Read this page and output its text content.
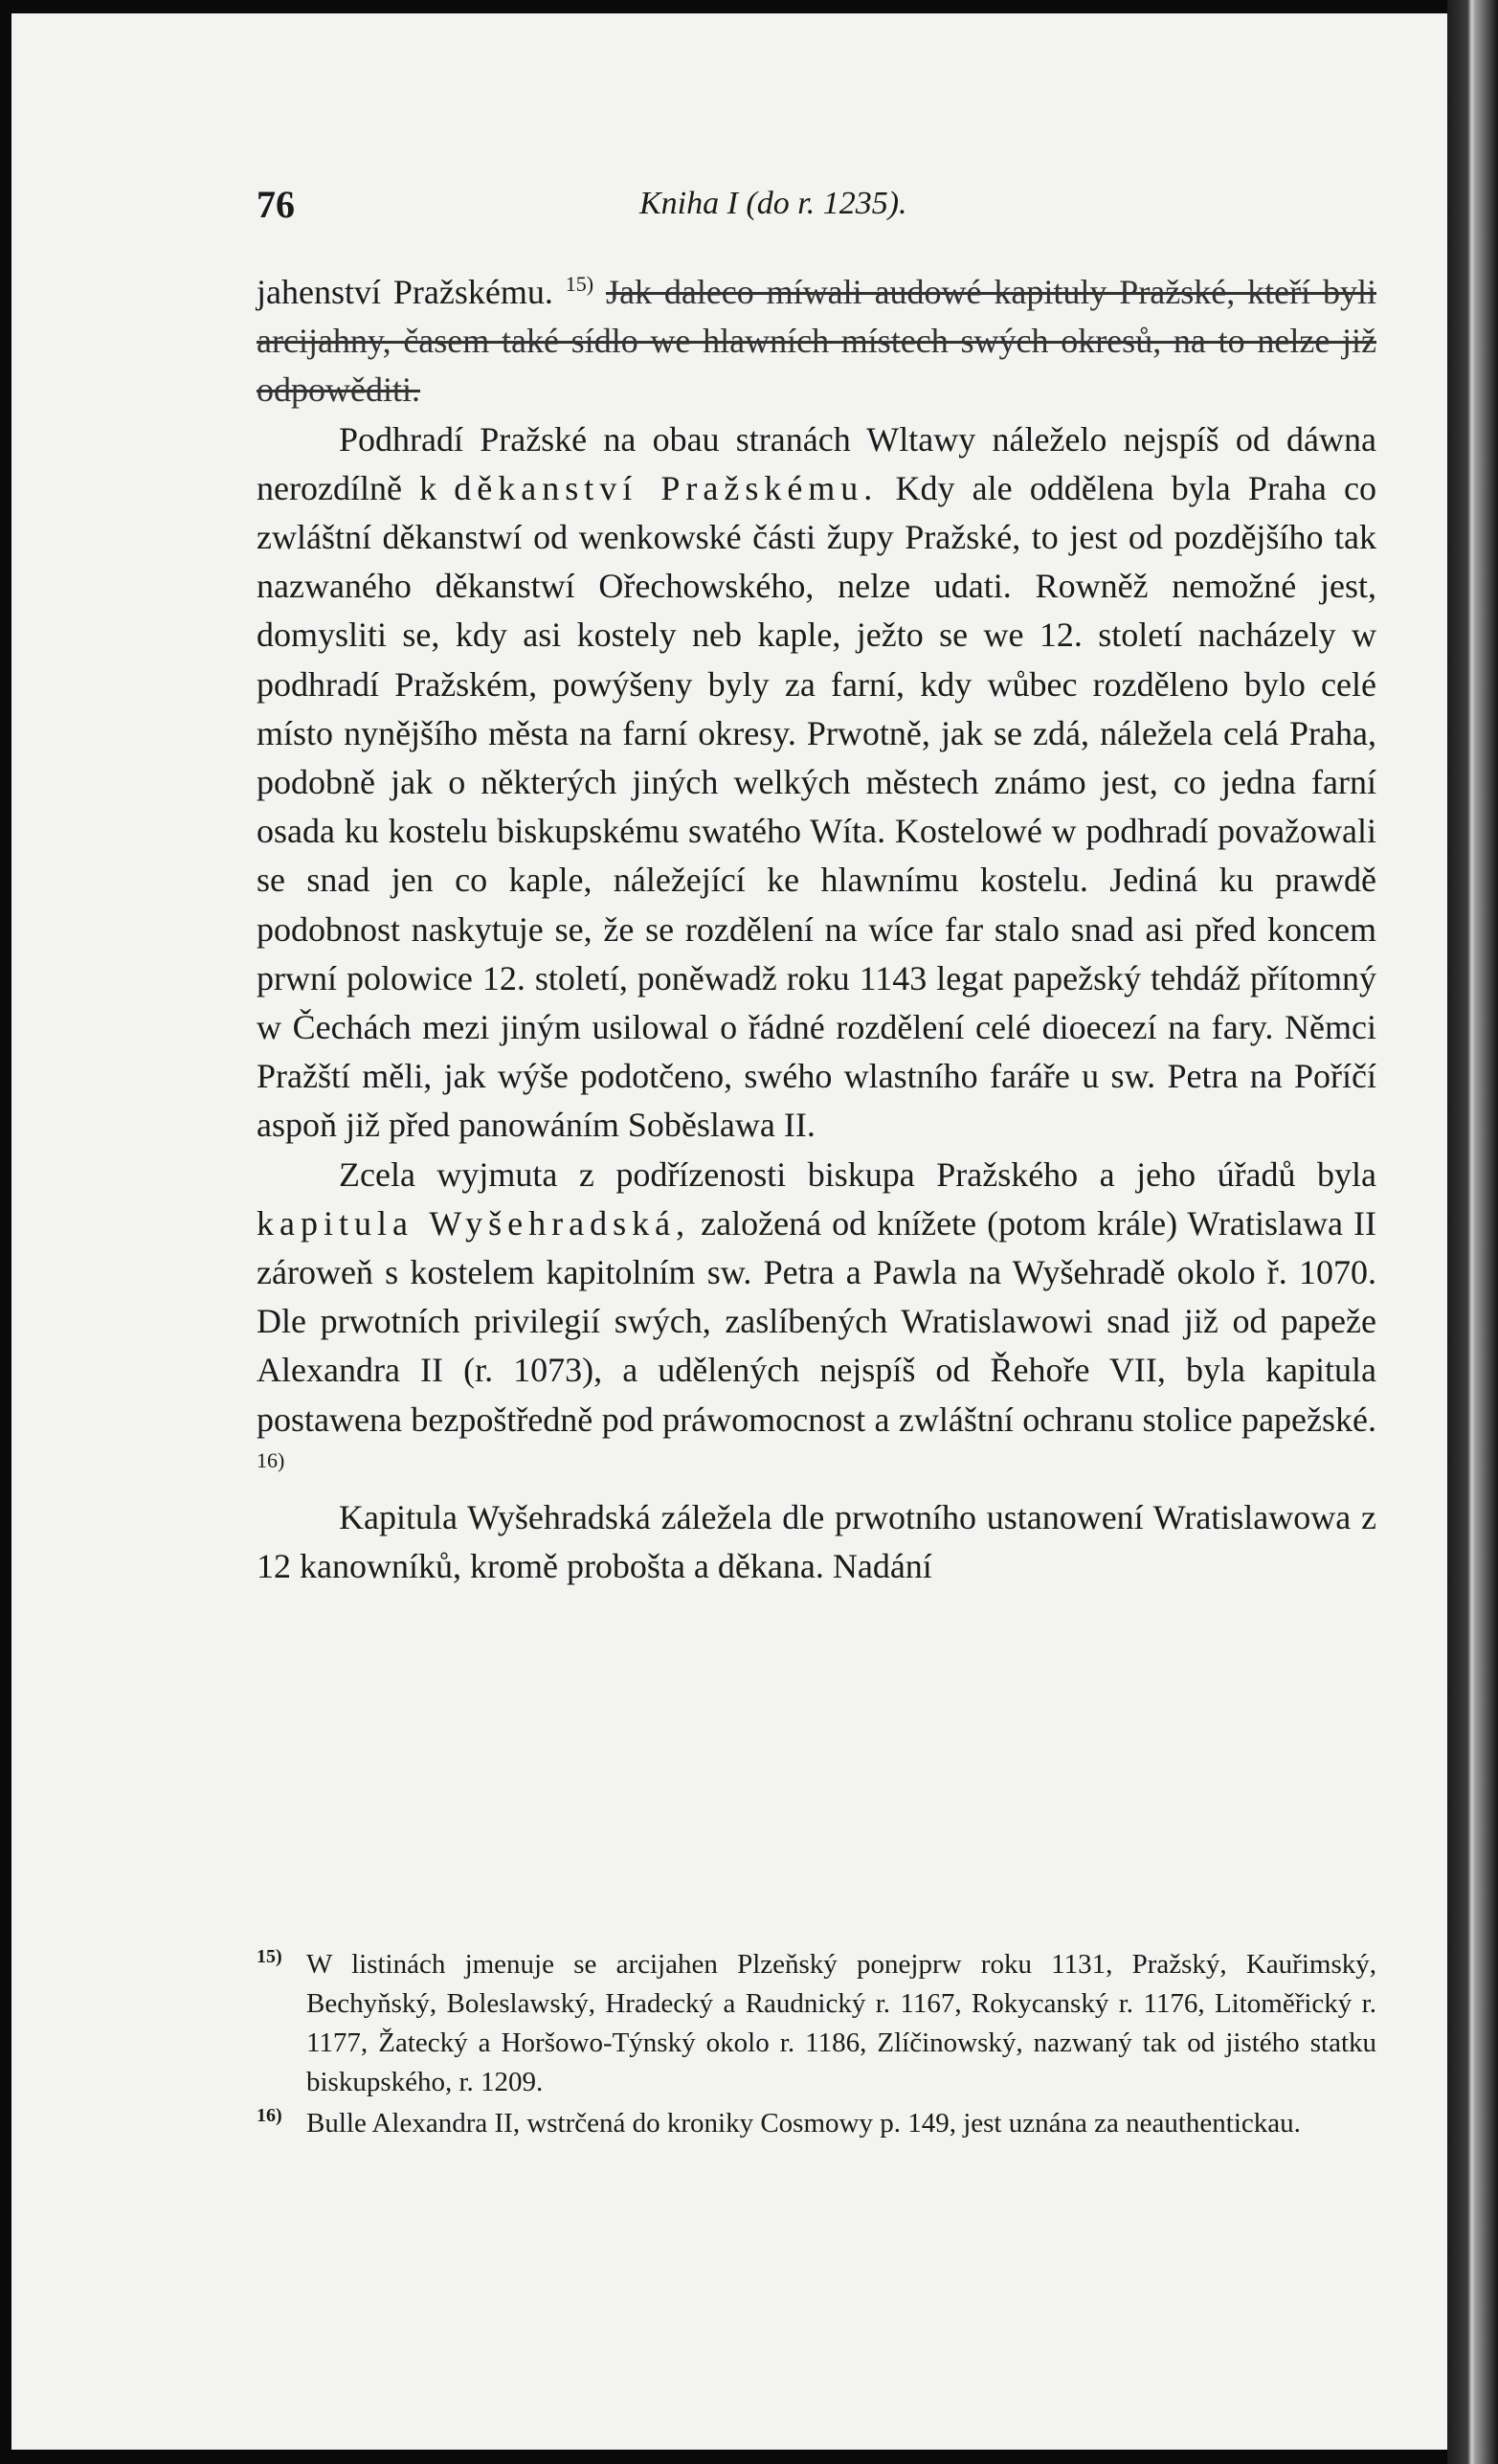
76	Kniha I (do r. 1235).

jahenství Pražskému. $^{15)}$ Jak daleco míwali audowé kapituly Pražské, kteří byli arcijahny, časem také sídlo we hlawních místech swých okresů, na to nelze již odpowěditi.

Podhradí Pražské na obau stranách Wltawy náleželo nejspíš od dáwna nerozdílně k děkanství Pražskému. Kdy ale oddělena byla Praha co zwláštní děkanstwí od wenkowské části župy Pražské, to jest od pozdějšího tak nazwaného děkanstwí Ořechowského, nelze udati. Rowněž nemožné jest, domysliti se, kdy asi kostely neb kaple, ježto se we 12. století nacházely w podhradí Pražském, powýšeny byly za farní, kdy wůbec rozděleno bylo celé místo nynějšího města na farní okresy. Prwotně, jak se zdá, náležela celá Praha, podobně jak o některých jiných welkých městech známo jest, co jedna farní osada ku kostelu biskupskému swatého Wíta. Kostelowé w podhradí považowali se snad jen co kaple, náležející ke hlawnímu kostelu. Jediná ku prawdě podobnost naskytuje se, že se rozdělení na wíce far stalo snad asi před koncem prwní polowice 12. století, poněwadž roku 1143 legat papežský tehdáž přítomný w Čechách mezi jiným usilowal o řádné rozdělení celé dioecezí na fary. Němci Pražští měli, jak wýše podotčeno, swého wlastního faráře u sw. Petra na Poříčí aspoň již před panowáním Soběslawa II.

Zcela wyjmuta z podřízenosti biskupa Pražského a jeho úřadů byla kapitula Wyšehradská, založená od knížete (potom krále) Wratislawa II zároweň s kostelem kapitolním sw. Petra a Pawla na Wyšehradě okolo ř. 1070. Dle prwotních privilegií swých, zaslíbených Wratislawowi snad již od papeže Alexandra II (r. 1073), a udělených nejspíš od Řehoře VII, byla kapitula postawena bezpoštředně pod práwomocnost a zwláštní ochranu stolice papežské. $^{16)}$

Kapitula Wyšehradská záležela dle prwotního ustanowení Wratislawowa z 12 kanowníků, kromě probošta a děkana. Nadání

15) W listinách jmenuje se arcijahen Plzeňský ponejprw roku 1131, Pražský, Kauřimský, Bechyňský, Boleslawský, Hradecký a Raudnický r. 1167, Rokycanský r. 1176, Litoměřický r. 1177, Žatecký a Horšowo-Týnský okolo r. 1186, Zlíčinowský, nazwaný tak od jistého statku biskupského, r. 1209.

16) Bulle Alexandra II, wstrčená do kroniky Cosmowy p. 149, jest uznána za neauthentickau.
